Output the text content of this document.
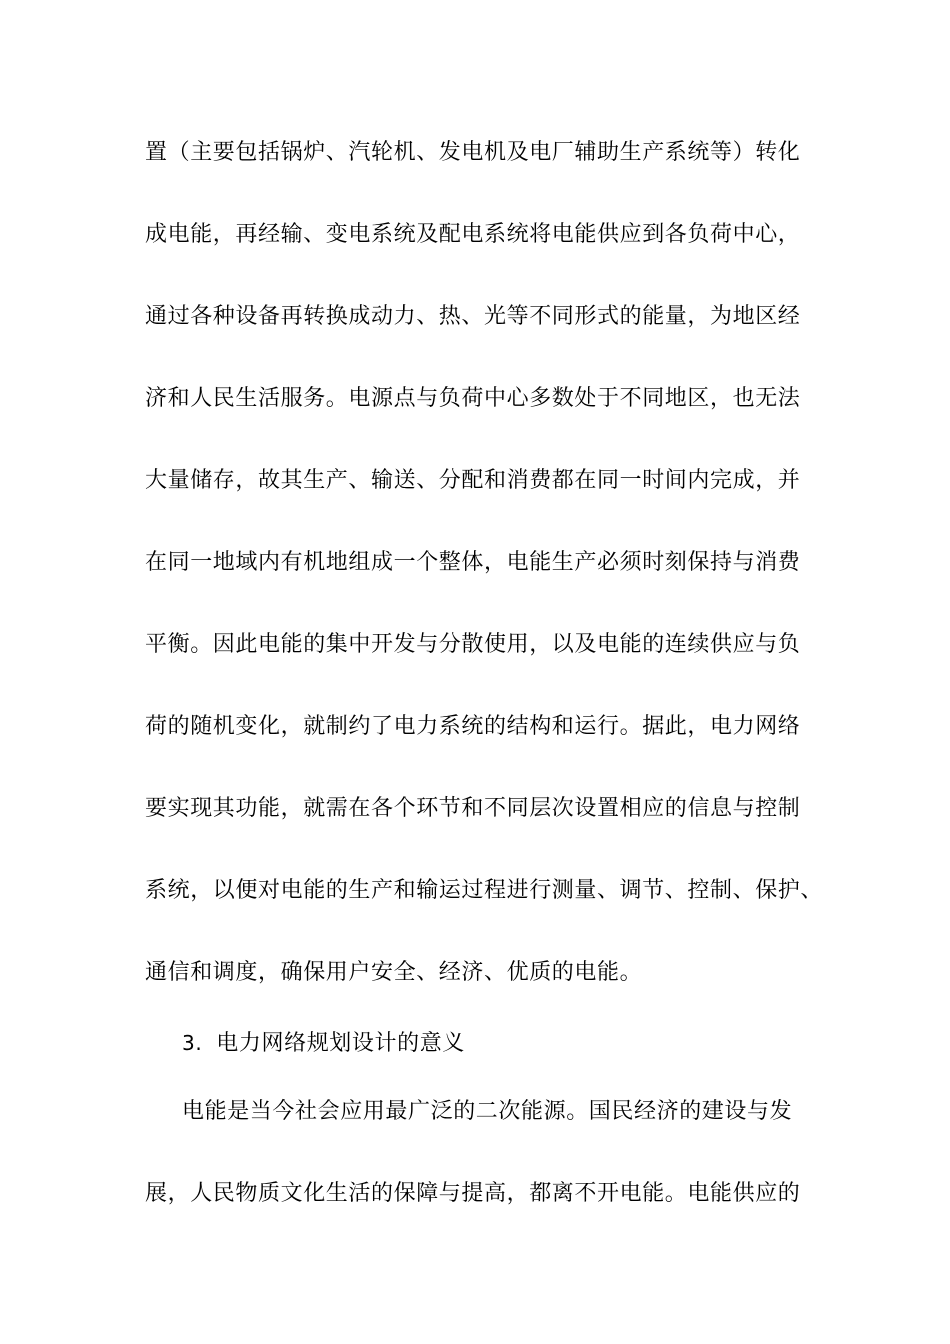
置（主要包括锅炉、汽轮机、发电机及电厂辅助生产系统等）转化
成电能，再经输、变电系统及配电系统将电能供应到各负荷中心，
通过各种设备再转换成动力、热、光等不同形式的能量，为地区经
济和人民生活服务。电源点与负荷中心多数处于不同地区，也无法
大量储存，故其生产、输送、分配和消费都在同一时间内完成，并
在同一地域内有机地组成一个整体，电能生产必须时刻保持与消费
平衡。因此电能的集中开发与分散使用，以及电能的连续供应与负
荷的随机变化，就制约了电力系统的结构和运行。据此，电力网络
要实现其功能，就需在各个环节和不同层次设置相应的信息与控制
系统，以便对电能的生产和输运过程进行测量、调节、控制、保护、
通信和调度，确保用户安全、经济、优质的电能。
3. 电力网络规划设计的意义
电能是当今社会应用最广泛的二次能源。国民经济的建设与发
展，人民物质文化生活的保障与提高，都离不开电能。电能供应的
